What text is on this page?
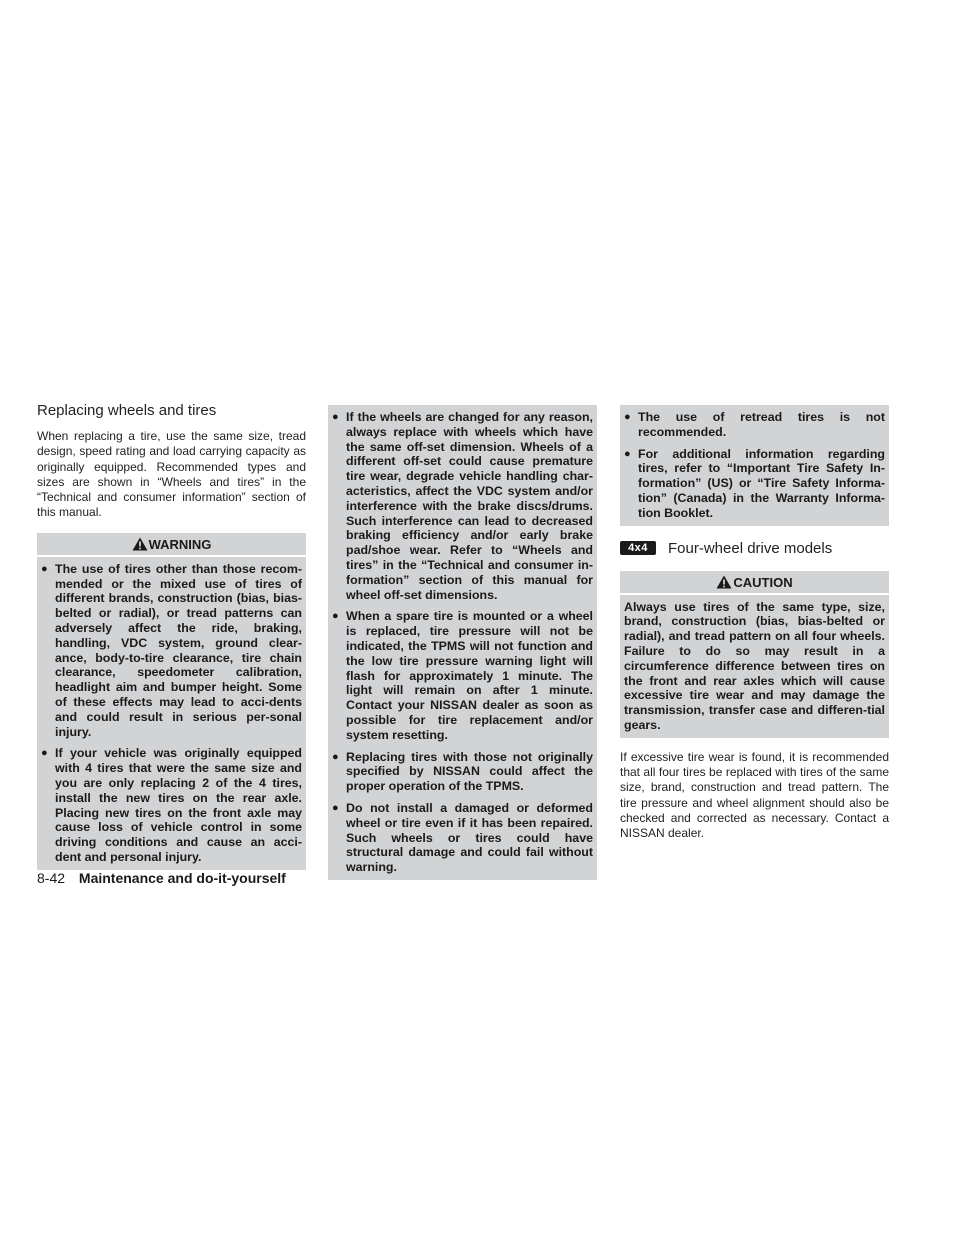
Replacing wheels and tires

When replacing a tire, use the same size, tread design, speed rating and load carrying capacity as originally equipped. Recommended types and sizes are shown in “Wheels and tires” in the “Technical and consumer information” section of this manual.

WARNING
● The use of tires other than those recom-mended or the mixed use of tires of different brands, construction (bias, bias-belted or radial), or tread patterns can adversely affect the ride, braking, handling, VDC system, ground clear-ance, body-to-tire clearance, tire chain clearance, speedometer calibration, headlight aim and bumper height. Some of these effects may lead to acci-dents and could result in serious per-sonal injury.
● If your vehicle was originally equipped with 4 tires that were the same size and you are only replacing 2 of the 4 tires, install the new tires on the rear axle. Placing new tires on the front axle may cause loss of vehicle control in some driving conditions and cause an acci-dent and personal injury.
● If the wheels are changed for any reason, always replace with wheels which have the same off-set dimension. Wheels of a different off-set could cause premature tire wear, degrade vehicle handling char-acteristics, affect the VDC system and/or interference with the brake discs/drums. Such interference can lead to decreased braking efficiency and/or early brake pad/shoe wear. Refer to “Wheels and tires” in the “Technical and consumer in-formation” section of this manual for wheel off-set dimensions.
● When a spare tire is mounted or a wheel is replaced, tire pressure will not be indicated, the TPMS will not function and the low tire pressure warning light will flash for approximately 1 minute. The light will remain on after 1 minute. Contact your NISSAN dealer as soon as possible for tire replacement and/or system resetting.
● Replacing tires with those not originally specified by NISSAN could affect the proper operation of the TPMS.
● Do not install a damaged or deformed wheel or tire even if it has been repaired. Such wheels or tires could have structural damage and could fail without warning.
● The use of retread tires is not recommended.
● For additional information regarding tires, refer to “Important Tire Safety In-formation” (US) or “Tire Safety Informa-tion” (Canada) in the Warranty Informa-tion Booklet.
4x4	Four-wheel drive models
CAUTION

Always use tires of the same type, size, brand, construction (bias, bias-belted or radial), and tread pattern on all four wheels. Failure to do so may result in a circumference difference between tires on the front and rear axles which will cause excessive tire wear and may damage the transmission, transfer case and differen-tial gears.

If excessive tire wear is found, it is recommended that all four tires be replaced with tires of the same size, brand, construction and tread pattern. The tire pressure and wheel alignment should also be checked and corrected as necessary. Contact a NISSAN dealer.

8-42 Maintenance and do-it-yourself
